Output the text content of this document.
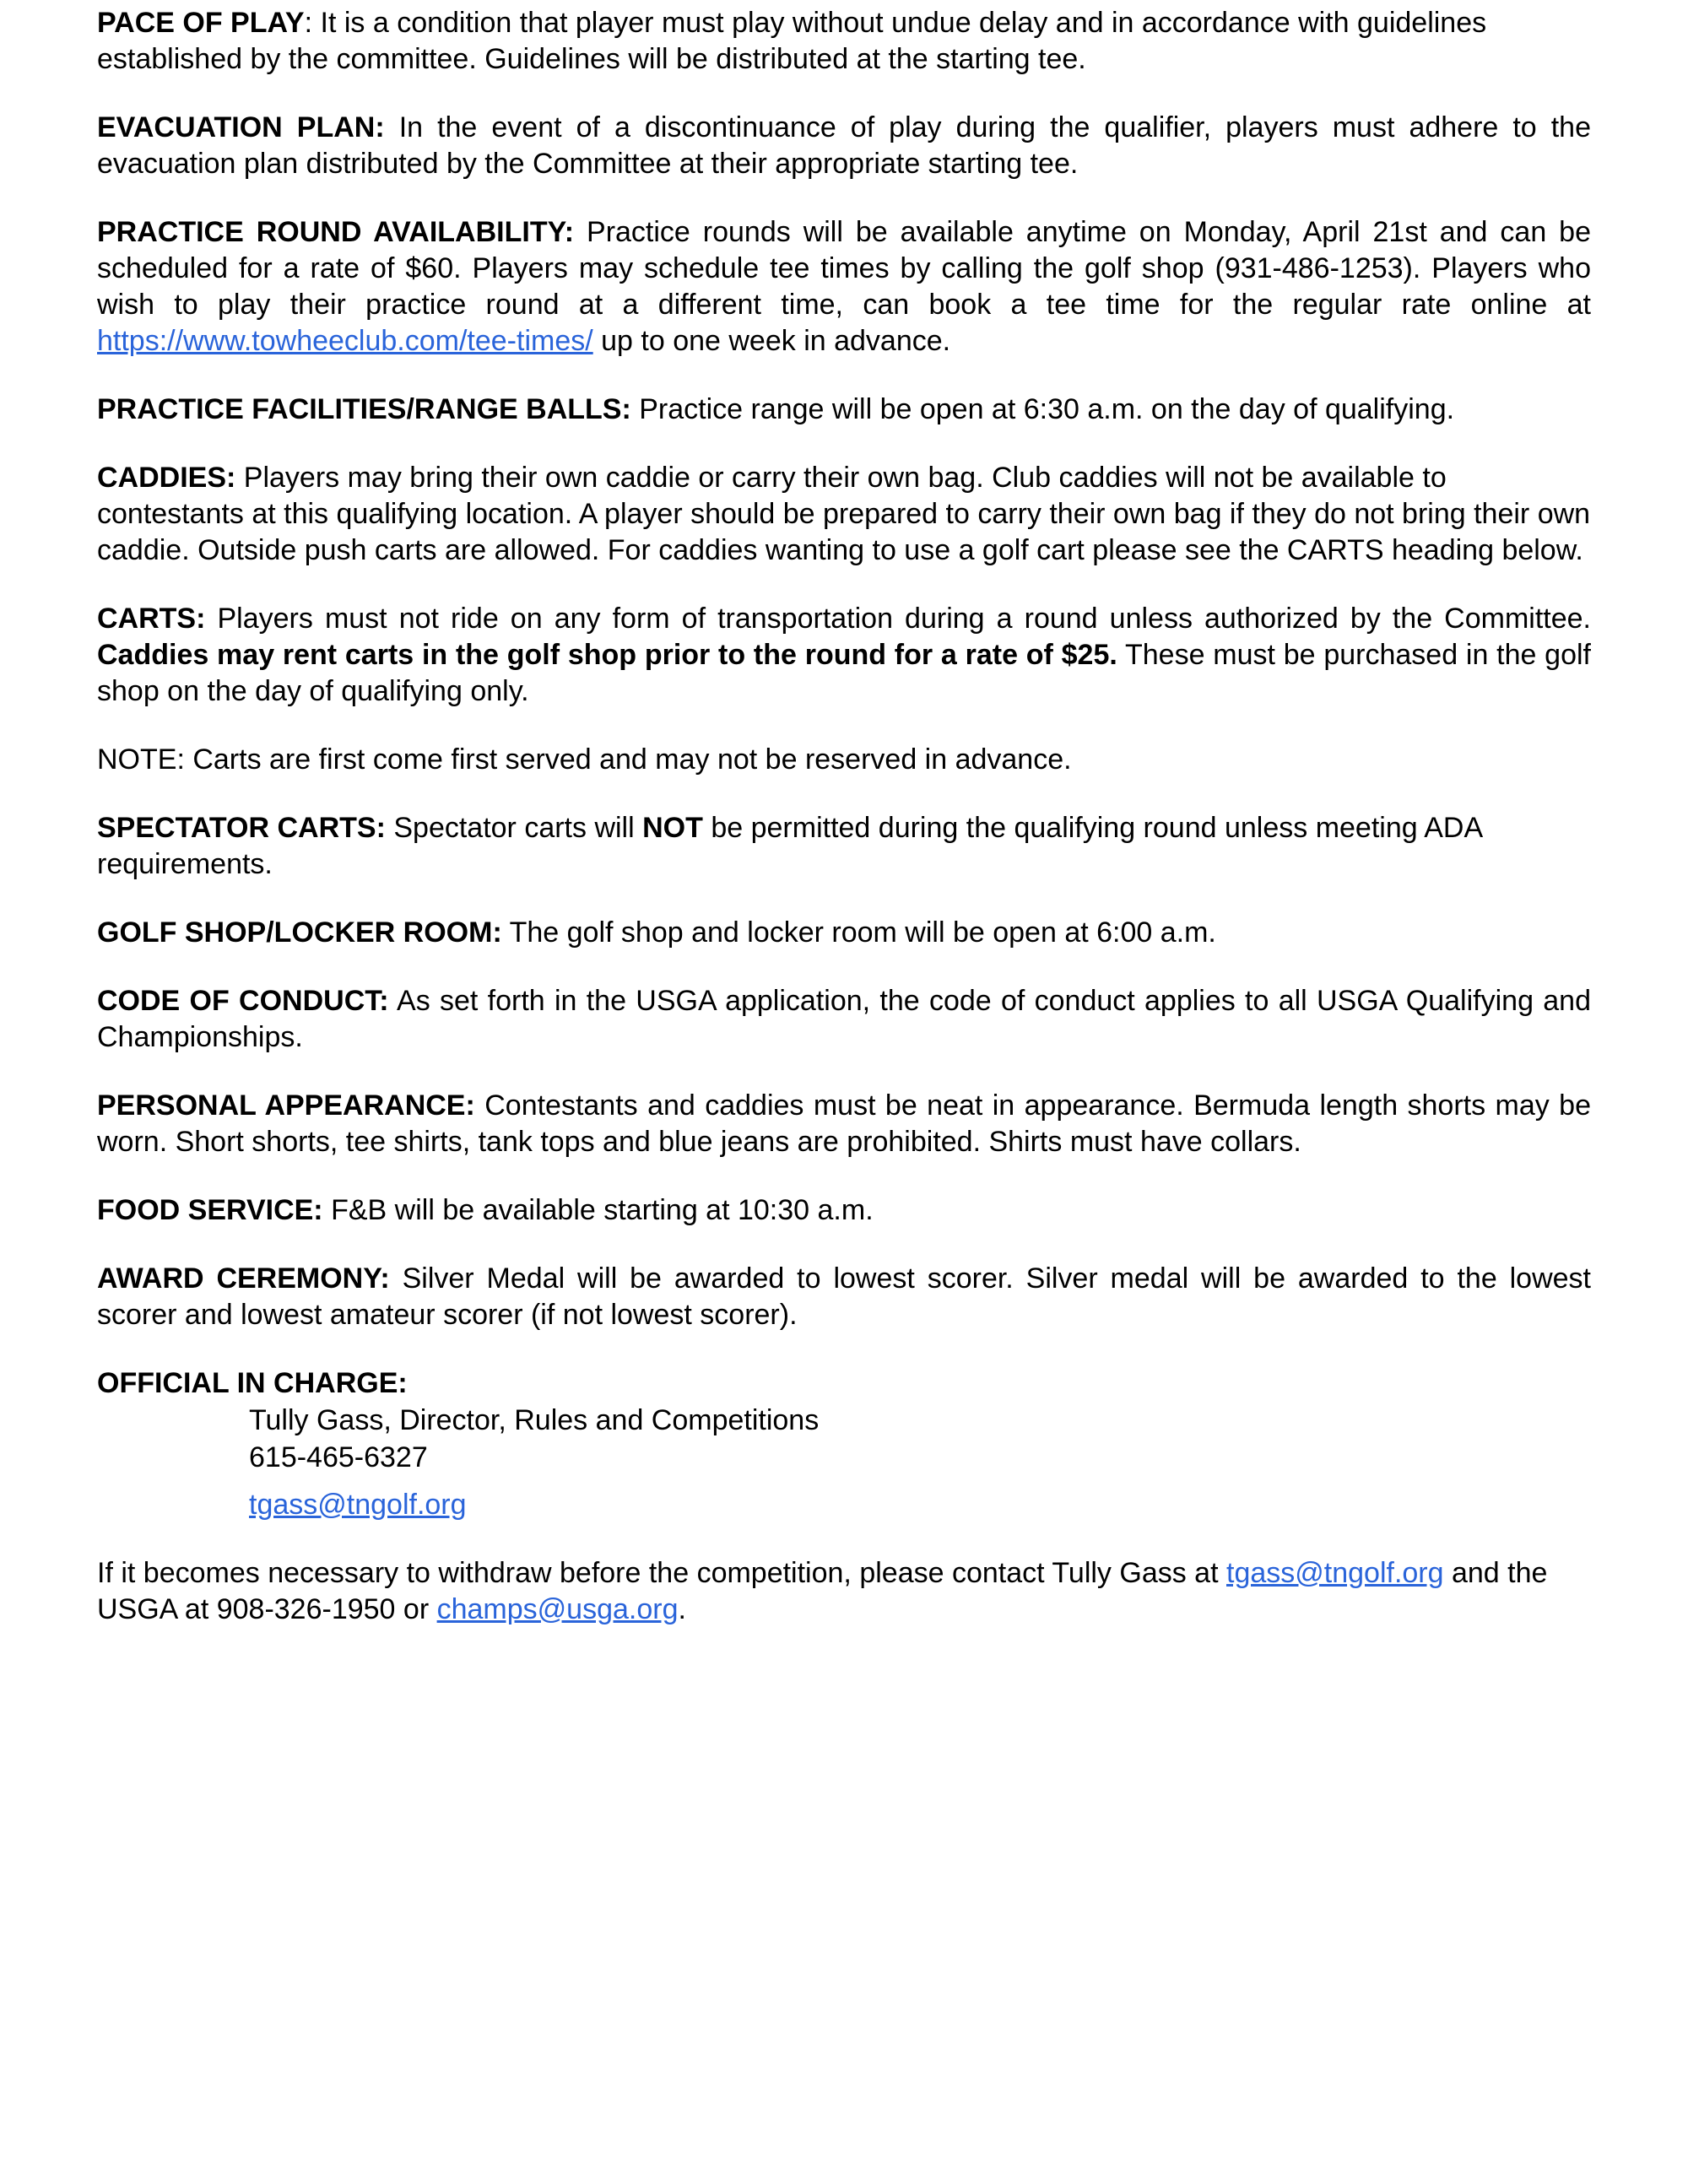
PACE OF PLAY: It is a condition that player must play without undue delay and in accordance with guidelines established by the committee. Guidelines will be distributed at the starting tee.

EVACUATION PLAN: In the event of a discontinuance of play during the qualifier, players must adhere to the evacuation plan distributed by the Committee at their appropriate starting tee.

PRACTICE ROUND AVAILABILITY: Practice rounds will be available anytime on Monday, April 21st and can be scheduled for a rate of $60. Players may schedule tee times by calling the golf shop (931-486-1253). Players who wish to play their practice round at a different time, can book a tee time for the regular rate online at https://www.towheeclub.com/tee-times/ up to one week in advance.

PRACTICE FACILITIES/RANGE BALLS: Practice range will be open at 6:30 a.m. on the day of qualifying.

CADDIES: Players may bring their own caddie or carry their own bag. Club caddies will not be available to contestants at this qualifying location. A player should be prepared to carry their own bag if they do not bring their own caddie. Outside push carts are allowed. For caddies wanting to use a golf cart please see the CARTS heading below.

CARTS: Players must not ride on any form of transportation during a round unless authorized by the Committee. Caddies may rent carts in the golf shop prior to the round for a rate of $25. These must be purchased in the golf shop on the day of qualifying only.

NOTE: Carts are first come first served and may not be reserved in advance.

SPECTATOR CARTS: Spectator carts will NOT be permitted during the qualifying round unless meeting ADA requirements.

GOLF SHOP/LOCKER ROOM: The golf shop and locker room will be open at 6:00 a.m.

CODE OF CONDUCT: As set forth in the USGA application, the code of conduct applies to all USGA Qualifying and Championships.

PERSONAL APPEARANCE: Contestants and caddies must be neat in appearance. Bermuda length shorts may be worn. Short shorts, tee shirts, tank tops and blue jeans are prohibited. Shirts must have collars.

FOOD SERVICE: F&B will be available starting at 10:30 a.m.

AWARD CEREMONY: Silver Medal will be awarded to lowest scorer. Silver medal will be awarded to the lowest scorer and lowest amateur scorer (if not lowest scorer).

OFFICIAL IN CHARGE:

Tully Gass, Director, Rules and Competitions
615-465-6327
tgass@tngolf.org

If it becomes necessary to withdraw before the competition, please contact Tully Gass at tgass@tngolf.org and the USGA at 908-326-1950 or champs@usga.org.
